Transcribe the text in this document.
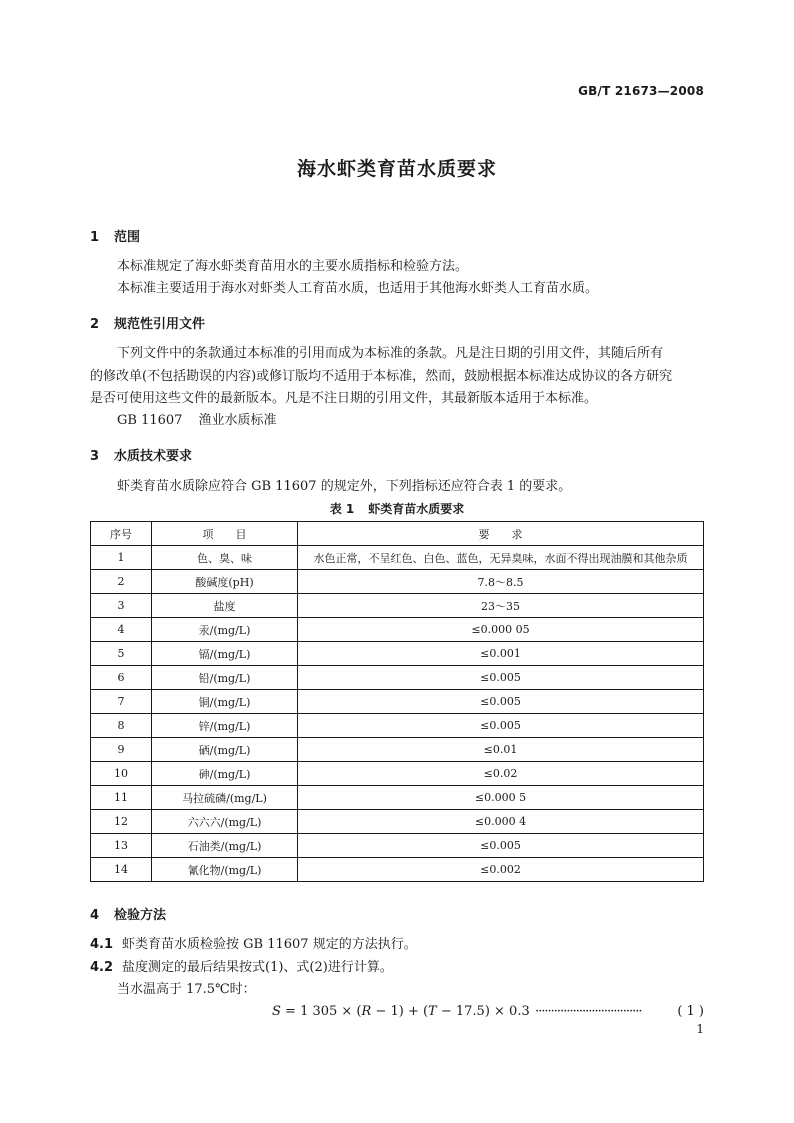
GB/T 21673—2008
海水虾类育苗水质要求
1 范围
本标准规定了海水虾类育苗用水的主要水质指标和检验方法。
本标准主要适用于海水对虾类人工育苗水质，也适用于其他海水虾类人工育苗水质。
2 规范性引用文件
下列文件中的条款通过本标准的引用而成为本标准的条款。凡是注日期的引用文件，其随后所有
的修改单(不包括勘误的内容)或修订版均不适用于本标准，然而，鼓励根据本标准达成协议的各方研究
是否可使用这些文件的最新版本。凡是不注日期的引用文件，其最新版本适用于本标准。
GB 11607 渔业水质标准
3 水质技术要求
虾类育苗水质除应符合 GB 11607 的规定外，下列指标还应符合表 1 的要求。
表 1 虾类育苗水质要求
序号	项　　目	要　　求
1	色、臭、味	水色正常，不呈红色、白色、蓝色，无异臭味，水面不得出现油膜和其他杂质
2	酸碱度(pH)	7.8～8.5
3	盐度	23～35
4	汞/(mg/L)	≤0.000 05
5	镉/(mg/L)	≤0.001
6	铅/(mg/L)	≤0.005
7	铜/(mg/L)	≤0.005
8	锌/(mg/L)	≤0.005
9	硒/(mg/L)	≤0.01
10	砷/(mg/L)	≤0.02
11	马拉硫磷/(mg/L)	≤0.000 5
12	六六六/(mg/L)	≤0.000 4
13	石油类/(mg/L)	≤0.005
14	氰化物/(mg/L)	≤0.002
4 检验方法
4.1 虾类育苗水质检验按 GB 11607 规定的方法执行。
4.2 盐度测定的最后结果按式(1)、式(2)进行计算。
当水温高于 17.5℃时：
S = 1 305 × (R − 1) + (T − 17.5) × 0.3 ··································	( 1 )
1
